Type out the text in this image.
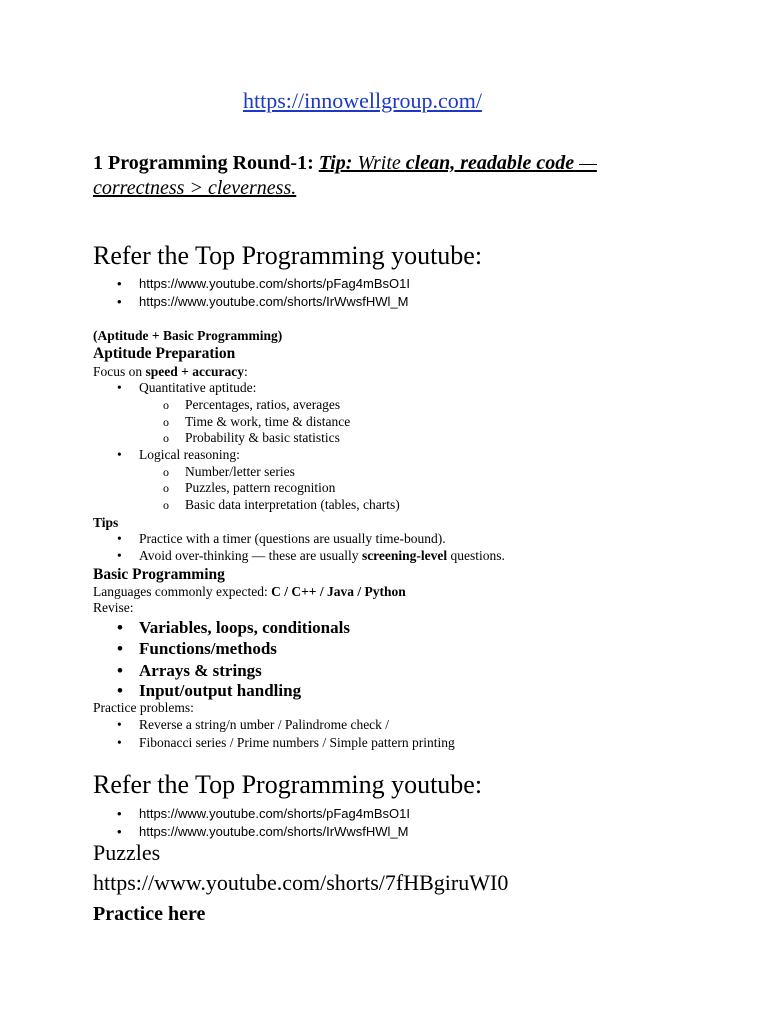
https://innowellgroup.com/
1 Programming Round-1: Tip: Write clean, readable code —
correctness > cleverness.
Refer the Top Programming youtube:
• https://www.youtube.com/shorts/pFag4mBsO1I
• https://www.youtube.com/shorts/IrWwsfHWl_M
(Aptitude + Basic Programming)
Aptitude Preparation
Focus on speed + accuracy:
• Quantitative aptitude:
o Percentages, ratios, averages
o Time & work, time & distance
o Probability & basic statistics
• Logical reasoning:
o Number/letter series
o Puzzles, pattern recognition
o Basic data interpretation (tables, charts)
Tips
• Practice with a timer (questions are usually time-bound).
• Avoid over-thinking — these are usually screening-level questions.
Basic Programming
Languages commonly expected: C / C++ / Java / Python
Revise:
• Variables, loops, conditionals
• Functions/methods
• Arrays & strings
• Input/output handling
Practice problems:
• Reverse a string/n umber / Palindrome check /
• Fibonacci series / Prime numbers / Simple pattern printing
Refer the Top Programming youtube:
• https://www.youtube.com/shorts/pFag4mBsO1I
• https://www.youtube.com/shorts/IrWwsfHWl_M
Puzzles
https://www.youtube.com/shorts/7fHBgiruWI0
Practice here
